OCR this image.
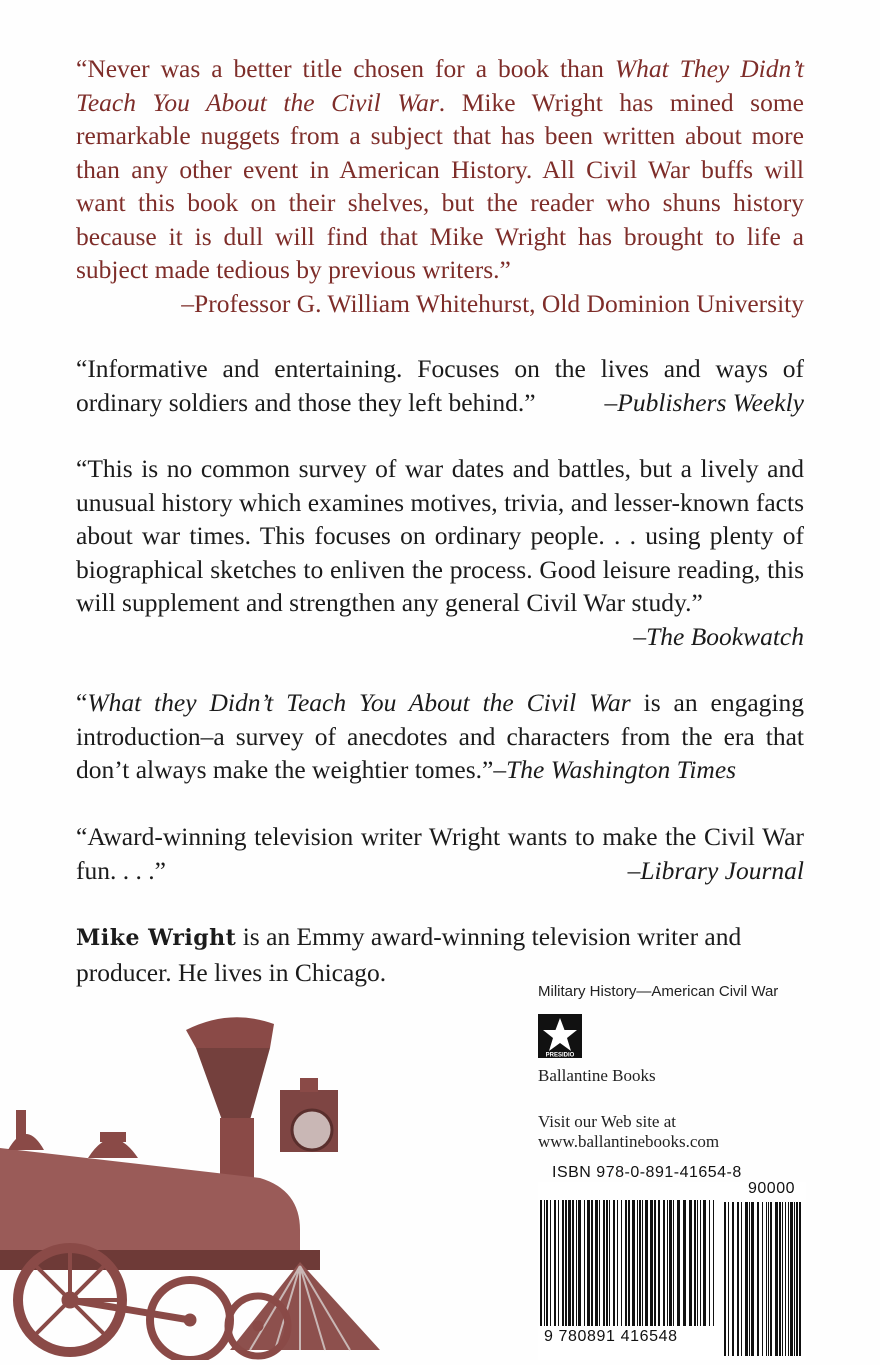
“Never was a better title chosen for a book than What They Didn’t Teach You About the Civil War. Mike Wright has mined some remarkable nuggets from a subject that has been written about more than any other event in American History. All Civil War buffs will want this book on their shelves, but the reader who shuns history because it is dull will find that Mike Wright has brought to life a subject made tedious by previous writers.”
–Professor G. William Whitehurst, Old Dominion University
“Informative and entertaining. Focuses on the lives and ways of ordinary soldiers and those they left behind.”	–Publishers Weekly
“This is no common survey of war dates and battles, but a lively and unusual history which examines motives, trivia, and lesser-known facts about war times. This focuses on ordinary people. . . using plenty of biographical sketches to enliven the process. Good leisure reading, this will supplement and strengthen any general Civil War study.”
–The Bookwatch
“What they Didn’t Teach You About the Civil War is an engaging introduction–a survey of anecdotes and characters from the era that don’t always make the weightier tomes.”–The Washington Times
“Award-winning television writer Wright wants to make the Civil War fun. . . .”	–Library Journal
Mike Wright is an Emmy award-winning television writer and producer. He lives in Chicago.
Military History—American Civil War
PRESIDIO
Ballantine Books
Visit our Web site at
www.ballantinebooks.com
ISBN 978-0-891-41654-8
90000
9 780891 416548
